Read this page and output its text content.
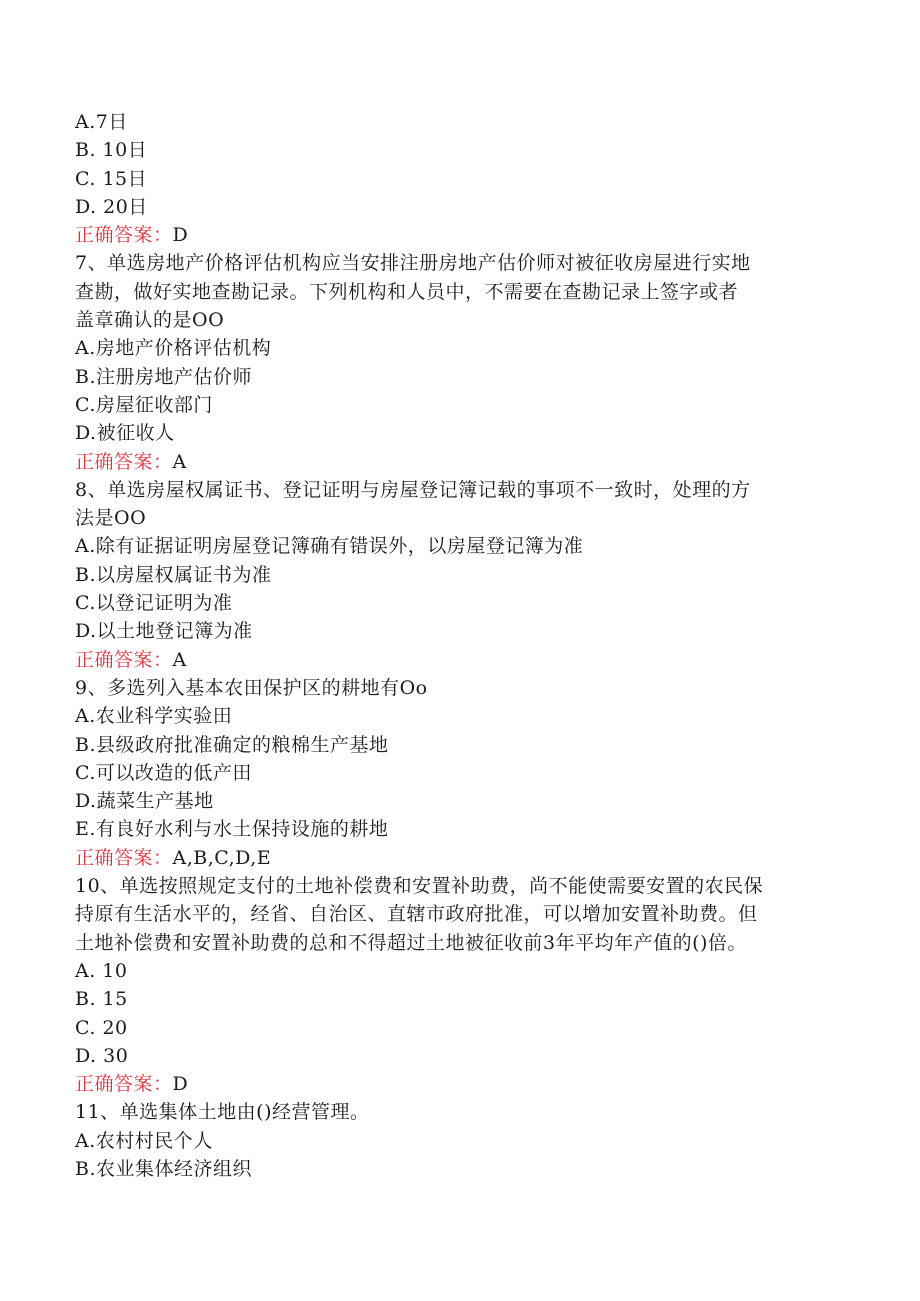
A.7日
B. 10日
C. 15日
D. 20日
正确答案：D
7、单选房地产价格评估机构应当安排注册房地产估价师对被征收房屋进行实地
查勘，做好实地查勘记录。下列机构和人员中，不需要在查勘记录上签字或者
盖章确认的是OO
A.房地产价格评估机构
B.注册房地产估价师
C.房屋征收部门
D.被征收人
正确答案：A
8、单选房屋权属证书、登记证明与房屋登记簿记载的事项不一致时，处理的方
法是OO
A.除有证据证明房屋登记簿确有错误外，以房屋登记簿为准
B.以房屋权属证书为准
C.以登记证明为准
D.以土地登记簿为准
正确答案：A
9、多选列入基本农田保护区的耕地有Oo
A.农业科学实验田
B.县级政府批准确定的粮棉生产基地
C.可以改造的低产田
D.蔬菜生产基地
E.有良好水利与水土保持设施的耕地
正确答案：A,B,C,D,E
10、单选按照规定支付的土地补偿费和安置补助费，尚不能使需要安置的农民保
持原有生活水平的，经省、自治区、直辖市政府批准，可以增加安置补助费。但
土地补偿费和安置补助费的总和不得超过土地被征收前3年平均年产值的()倍。
A. 10
B. 15
C. 20
D. 30
正确答案：D
11、单选集体土地由()经营管理。
A.农村村民个人
B.农业集体经济组织
